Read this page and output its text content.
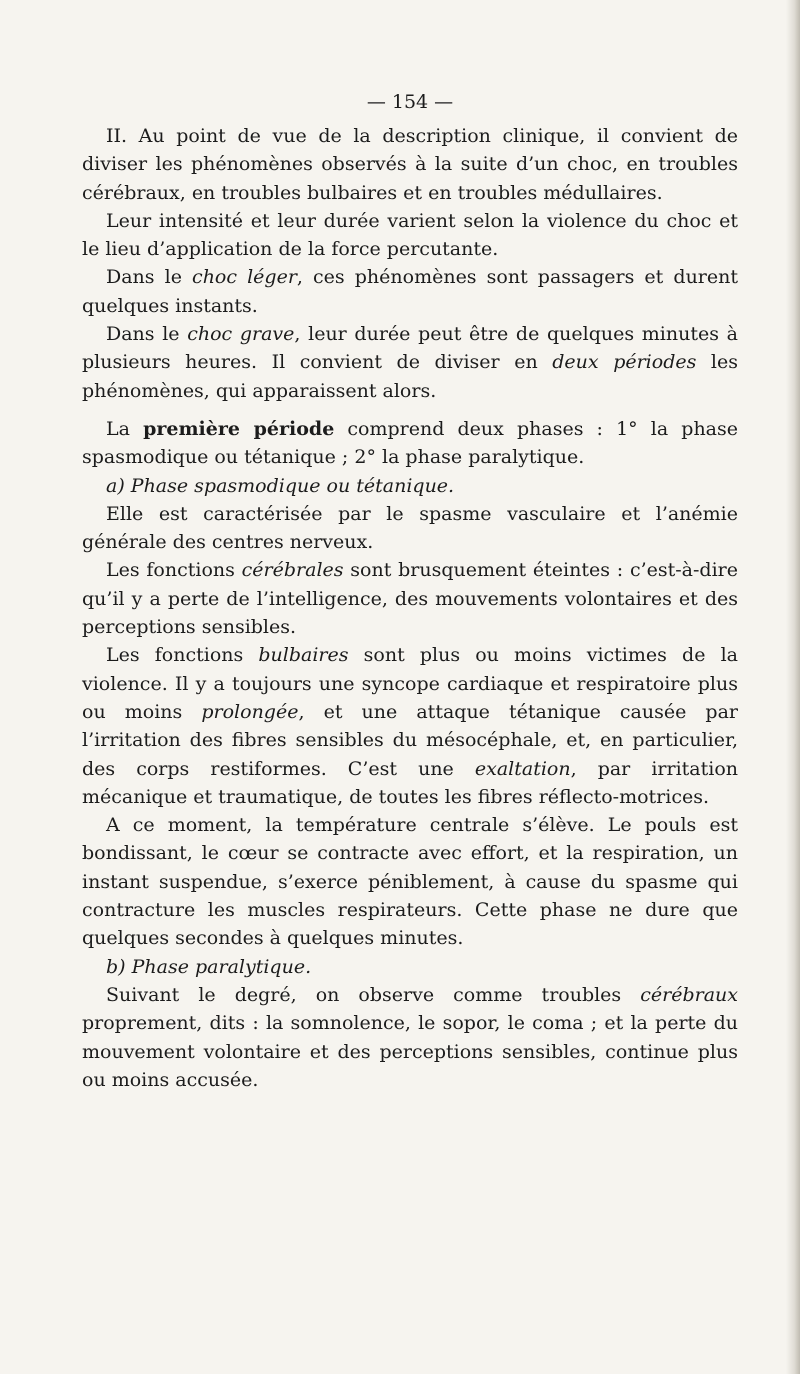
— 154 —

II. Au point de vue de la description clinique, il convient de diviser les phénomènes observés à la suite d’un choc, en troubles cérébraux, en troubles bulbaires et en troubles médullaires.

Leur intensité et leur durée varient selon la violence du choc et le lieu d’application de la force percutante.

Dans le choc léger, ces phénomènes sont passagers et durent quelques instants.

Dans le choc grave, leur durée peut être de quelques minutes à plusieurs heures. Il convient de diviser en deux périodes les phénomènes, qui apparaissent alors.

La première période comprend deux phases : 1° la phase spasmodique ou tétanique ; 2° la phase paralytique.

a) Phase spasmodique ou tétanique.

Elle est caractérisée par le spasme vasculaire et l’anémie générale des centres nerveux.

Les fonctions cérébrales sont brusquement éteintes : c’est-à-dire qu’il y a perte de l’intelligence, des mouvements volontaires et des perceptions sensibles.

Les fonctions bulbaires sont plus ou moins victimes de la violence. Il y a toujours une syncope cardiaque et respiratoire plus ou moins prolongée, et une attaque tétanique causée par l’irritation des fibres sensibles du mésocéphale, et, en particulier, des corps restiformes. C’est une exaltation, par irritation mécanique et traumatique, de toutes les fibres réflecto-motrices.

A ce moment, la température centrale s’élève. Le pouls est bondissant, le cœur se contracte avec effort, et la respiration, un instant suspendue, s’exerce péniblement, à cause du spasme qui contracture les muscles respirateurs. Cette phase ne dure que quelques secondes à quelques minutes.

b) Phase paralytique.

Suivant le degré, on observe comme troubles cérébraux proprement, dits : la somnolence, le sopor, le coma ; et la perte du mouvement volontaire et des perceptions sensibles, continue plus ou moins accusée.
